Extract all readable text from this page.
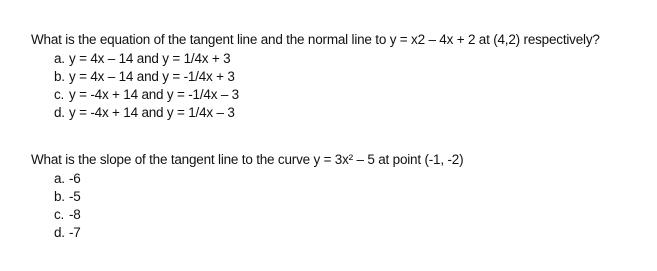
What is the equation of the tangent line and the normal line to y = x2 – 4x + 2 at (4,2) respectively?
a. y = 4x – 14 and y = 1/4x + 3
b. y = 4x – 14 and y = -1/4x + 3
c. y = -4x + 14 and y = -1/4x – 3
d. y = -4x + 14 and y = 1/4x – 3
What is the slope of the tangent line to the curve y = 3x² – 5 at point (-1, -2)
a. -6
b. -5
c. -8
d. -7
